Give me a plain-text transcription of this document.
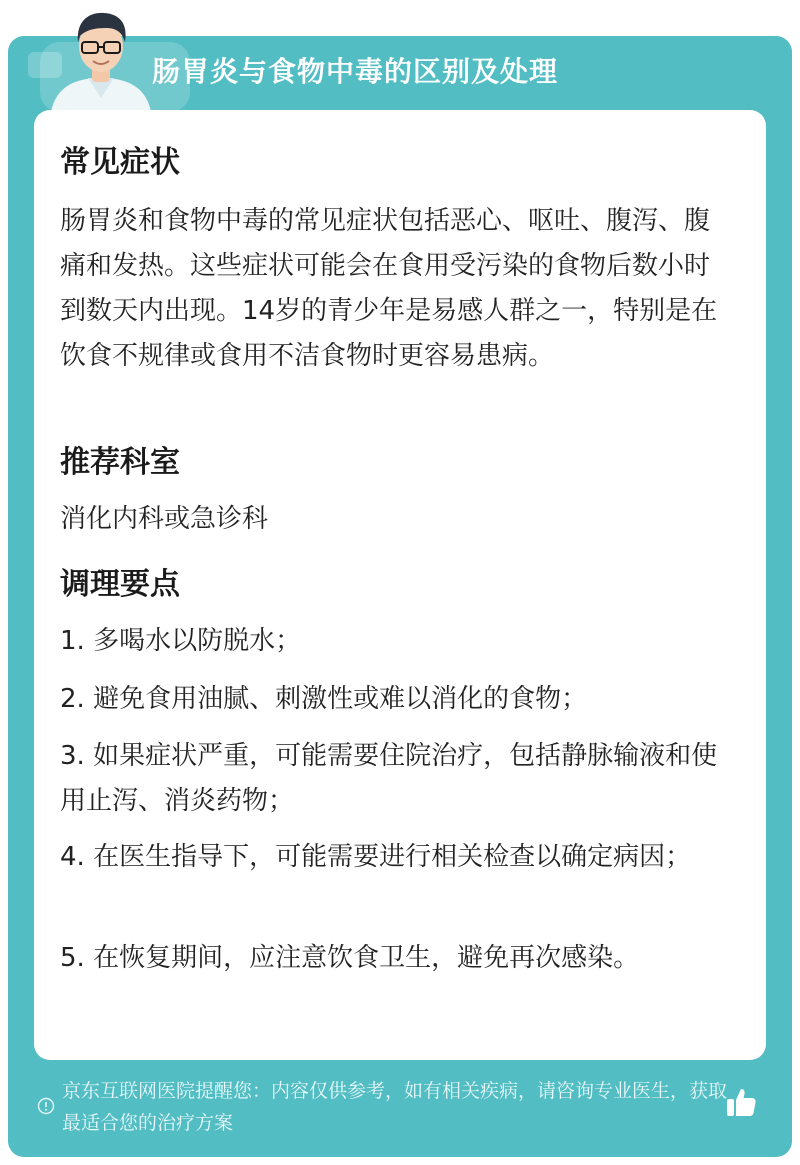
肠胃炎与食物中毒的区别及处理
常见症状
肠胃炎和食物中毒的常见症状包括恶心、呕吐、腹泻、腹痛和发热。这些症状可能会在食用受污染的食物后数小时到数天内出现。14岁的青少年是易感人群之一，特别是在饮食不规律或食用不洁食物时更容易患病。
推荐科室
消化内科或急诊科
调理要点
1. 多喝水以防脱水；
2. 避免食用油腻、刺激性或难以消化的食物；
3. 如果症状严重，可能需要住院治疗，包括静脉输液和使用止泻、消炎药物；
4. 在医生指导下，可能需要进行相关检查以确定病因；
5. 在恢复期间，应注意饮食卫生，避免再次感染。
京东互联网医院提醒您：内容仅供参考，如有相关疾病，请咨询专业医生，获取最适合您的治疗方案
